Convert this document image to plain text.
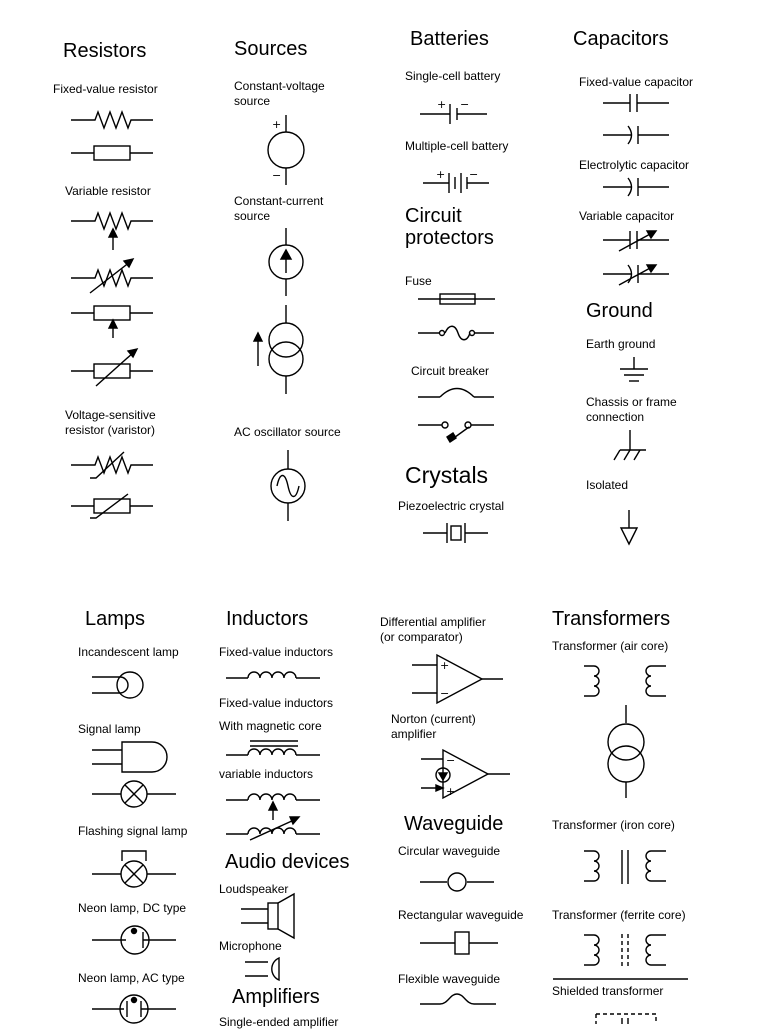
Resistors	Sources	Batteries	Capacitors
Circuit
protectors
Ground
Crystals
Lamps	Inductors	Transformers
Waveguide
Audio devices
Amplifiers
Fixed-value resistor
Variable resistor
Voltage-sensitive
resistor (varistor)
Constant-voltage
source
Constant-current
source
AC oscillator source
Single-cell battery
Multiple-cell battery
Fuse
Circuit breaker
Piezoelectric crystal
Fixed-value capacitor
Electrolytic capacitor
Variable capacitor
Earth ground
Chassis or frame
connection
Isolated
Incandescent lamp
Signal lamp
Flashing signal lamp
Neon lamp, DC type
Neon lamp, AC type
Fixed-value inductors
Fixed-value inductors
With magnetic core
variable inductors
Loudspeaker
Microphone
Single-ended amplifier
Differential amplifier
(or comparator)
Norton (current)
amplifier
Circular waveguide
Rectangular waveguide
Flexible waveguide
Transformer (air core)
Transformer (iron core)
Transformer (ferrite core)
Shielded transformer
+
−
+ −
+ −
+
−
−
+
